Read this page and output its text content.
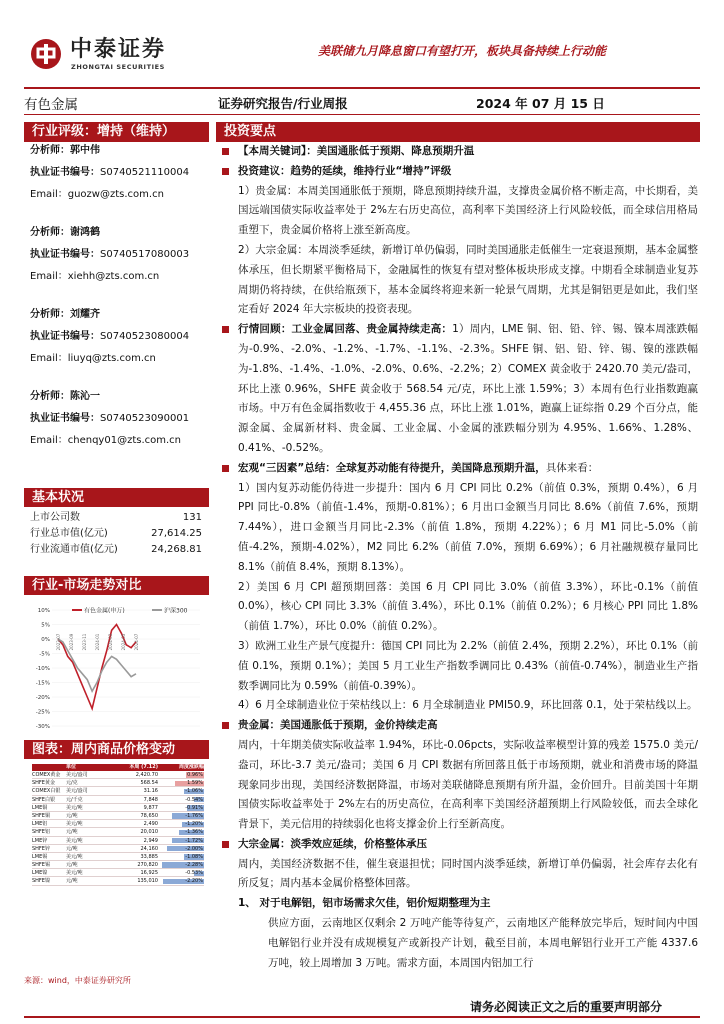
中泰证券
ZHONGTAI SECURITIES
美联储九月降息窗口有望打开，板块具备持续上行动能
有色金属	证券研究报告/行业周报	2024 年 07 月 15 日
行业评级：增持（维持）
分析师：郭中伟
执业证书编号：S0740521110004
Email：guozw@zts.com.cn
分析师：谢鸿鹤
执业证书编号：S0740517080003
Email：xiehh@zts.com.cn
分析师：刘耀齐
执业证书编号：S0740523080004
Email：liuyq@zts.com.cn
分析师：陈沁一
执业证书编号：S0740523090001
Email：chenqy01@zts.com.cn
基本状况
上市公司数	131
行业总市值(亿元)	27,614.25
行业流通市值(亿元)	24,268.81
行业-市场走势对比
10%
5%
0%
-5%
-10%
-15%
-20%
-25%
-30%
2023-07 2023-09 2023-11 2024-01 2024-03 2024-05 2024-07
有色金属(申万)	沪深300
图表：周内商品价格变动
单位	本周 (7.12)	周度涨跌幅
COMEX黄金	美元/盎司	2,420.70	0.96%
SHFE黄金	元/克	568.54	1.59%
COMEX白银	美元/盎司	31.16	-1.06%
SHFE白银	元/千克	7,848	-0.54%
LME铜	美元/吨	9,877	-0.91%
SHFE铜	元/吨	78,650	-1.76%
LME铝	美元/吨	2,490	-1.20%
SHFE铝	元/吨	20,010	-1.36%
LME锌	美元/吨	2,949	-1.72%
SHFE锌	元/吨	24,160	-2.00%
LME锡	美元/吨	33,885	-1.08%
SHFE锡	元/吨	270,820	-2.28%
LME镍	美元/吨	16,925	-0.53%
SHFE镍	元/吨	135,010	-2.20%
来源：wind，中泰证券研究所
投资要点
【本周关键词】：美国通胀低于预期、降息预期升温
投资建议：趋势的延续，维持行业“增持”评级
1）贵金属：本周美国通胀低于预期，降息预期持续升温，支撑贵金属价格不断走高，中长期看，美国远端国债实际收益率处于 2%左右历史高位，高利率下美国经济上行风险较低，而全球信用格局重塑下，贵金属价格将上涨至新高度。
2）大宗金属：本周淡季延续，新增订单仍偏弱，同时美国通胀走低催生一定衰退预期，基本金属整体承压，但长期紧平衡格局下，金融属性的恢复有望对整体板块形成支撑。中期看全球制造业复苏周期仍将持续，在供给瓶颈下，基本金属终将迎来新一轮景气周期，尤其是铜铝更是如此，我们坚定看好 2024 年大宗板块的投资表现。
行情回顾：工业金属回落、贵金属持续走高：1）周内，LME 铜、铝、铅、锌、锡、镍本周涨跌幅为-0.9%、-2.0%、-1.2%、-1.7%、-1.1%、-2.3%。SHFE 铜、铝、铅、锌、锡、镍的涨跌幅为-1.8%、-1.4%、-1.0%、-2.0%、0.6%、-2.2%；2）COMEX 黄金收于 2420.70 美元/盎司，环比上涨 0.96%，SHFE 黄金收于 568.54 元/克，环比上涨 1.59%；3）本周有色行业指数跑赢市场。中万有色金属指数收于 4,455.36 点，环比上涨 1.01%，跑赢上证综指 0.29 个百分点，能源金属、金属新材料、贵金属、工业金属、小金属的涨跌幅分别为 4.95%、1.66%、1.28%、0.41%、-0.52%。
宏观“三因素”总结：全球复苏动能有待提升，美国降息预期升温，具体来看：
1）国内复苏动能仍待进一步提升：国内 6 月 CPI 同比 0.2%（前值 0.3%，预期 0.4%），6 月 PPI 同比-0.8%（前值-1.4%，预期-0.81%）；6 月出口金额当月同比 8.6%（前值 7.6%，预期 7.44%），进口金额当月同比-2.3%（前值 1.8%，预期 4.22%）；6 月 M1 同比-5.0%（前值-4.2%，预期-4.02%），M2 同比 6.2%（前值 7.0%，预期 6.69%）；6 月社融规模存量同比 8.1%（前值 8.4%，预期 8.13%）。
2）美国 6 月 CPI 超预期回落：美国 6 月 CPI 同比 3.0%（前值 3.3%），环比-0.1%（前值 0.0%），核心 CPI 同比 3.3%（前值 3.4%），环比 0.1%（前值 0.2%）；6 月核心 PPI 同比 1.8%（前值 1.7%），环比 0.0%（前值 0.2%）。
3）欧洲工业生产景气度提升：德国 CPI 同比为 2.2%（前值 2.4%，预期 2.2%），环比 0.1%（前值 0.1%，预期 0.1%）；美国 5 月工业生产指数季调同比 0.43%（前值-0.74%），制造业生产指数季调同比为 0.59%（前值-0.39%）。
4）6 月全球制造业位于荣枯线以上：6 月全球制造业 PMI50.9，环比回落 0.1，处于荣枯线以上。
贵金属：美国通胀低于预期，金价持续走高
周内，十年期美债实际收益率 1.94%，环比-0.06pcts，实际收益率模型计算的残差 1575.0 美元/盎司，环比-3.7 美元/盎司；美国 6 月 CPI 数据有所回落且低于市场预期，就业和消费市场的降温现象同步出现，美国经济数据降温，市场对美联储降息预期有所升温，金价回升。目前美国十年期国债实际收益率处于 2%左右的历史高位，在高利率下美国经济超预期上行风险较低，而去全球化背景下，美元信用的持续弱化也将支撑金价上行至新高度。
大宗金属：淡季效应延续，价格整体承压
周内，美国经济数据不佳，催生衰退担忧；同时国内淡季延续，新增订单仍偏弱，社会库存去化有所反复；周内基本金属价格整体回落。
1、 对于电解铝，铝市场需求欠佳，铝价短期整理为主
供应方面，云南地区仅剩余 2 万吨产能等待复产，云南地区产能释放完毕后，短时间内中国电解铝行业并没有成规模复产或新投产计划，截至目前，本周电解铝行业开工产能 4337.6 万吨，较上周增加 3 万吨。需求方面，本周国内铝加工行
请务必阅读正文之后的重要声明部分
